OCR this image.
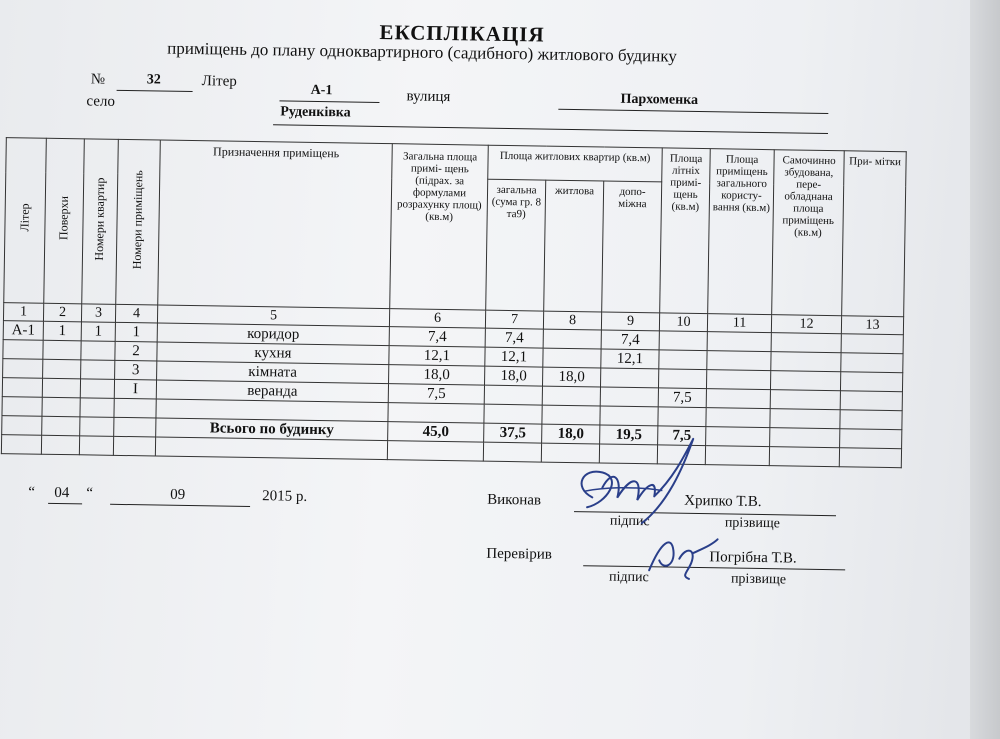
ЕКСПЛІКАЦІЯ
приміщень до плану одноквартирного (садибного) житлового будинку
№	32	Літер
А-1	вулиця	Пархоменка
село
Руденківка
Літер	Поверхи	Номери квартир	Номери приміщень	Призначення приміщень	Загальна площа примі- щень (підрах. за формулами розрахунку площ) (кв.м)	Площа житлових квартир (кв.м)			Площа літніх примі- щень (кв.м)	Площа приміщень загального користу- вання (кв.м)	Самочинно збудована, пере- обладнана площа приміщень (кв.м)	При- мітки
						загальна (сума гр. 8 та9)	житлова	допо- міжна				
1	2	3	4	5	6	7	8	9	10	11	12	13
А-1	1	1	1	коридор	7,4	7,4		7,4				
			2	кухня	12,1	12,1		12,1				
			3	кімната	18,0	18,0	18,0					
			I	веранда	7,5				7,5			

				Всього по будинку	45,0	37,5	18,0	19,5	7,5			

“ 04 “	09	2015 р.	Виконав	Хрипко Т.В.
підпис	прізвище
Перевірив	Погрібна Т.В.
підпис	прізвище
